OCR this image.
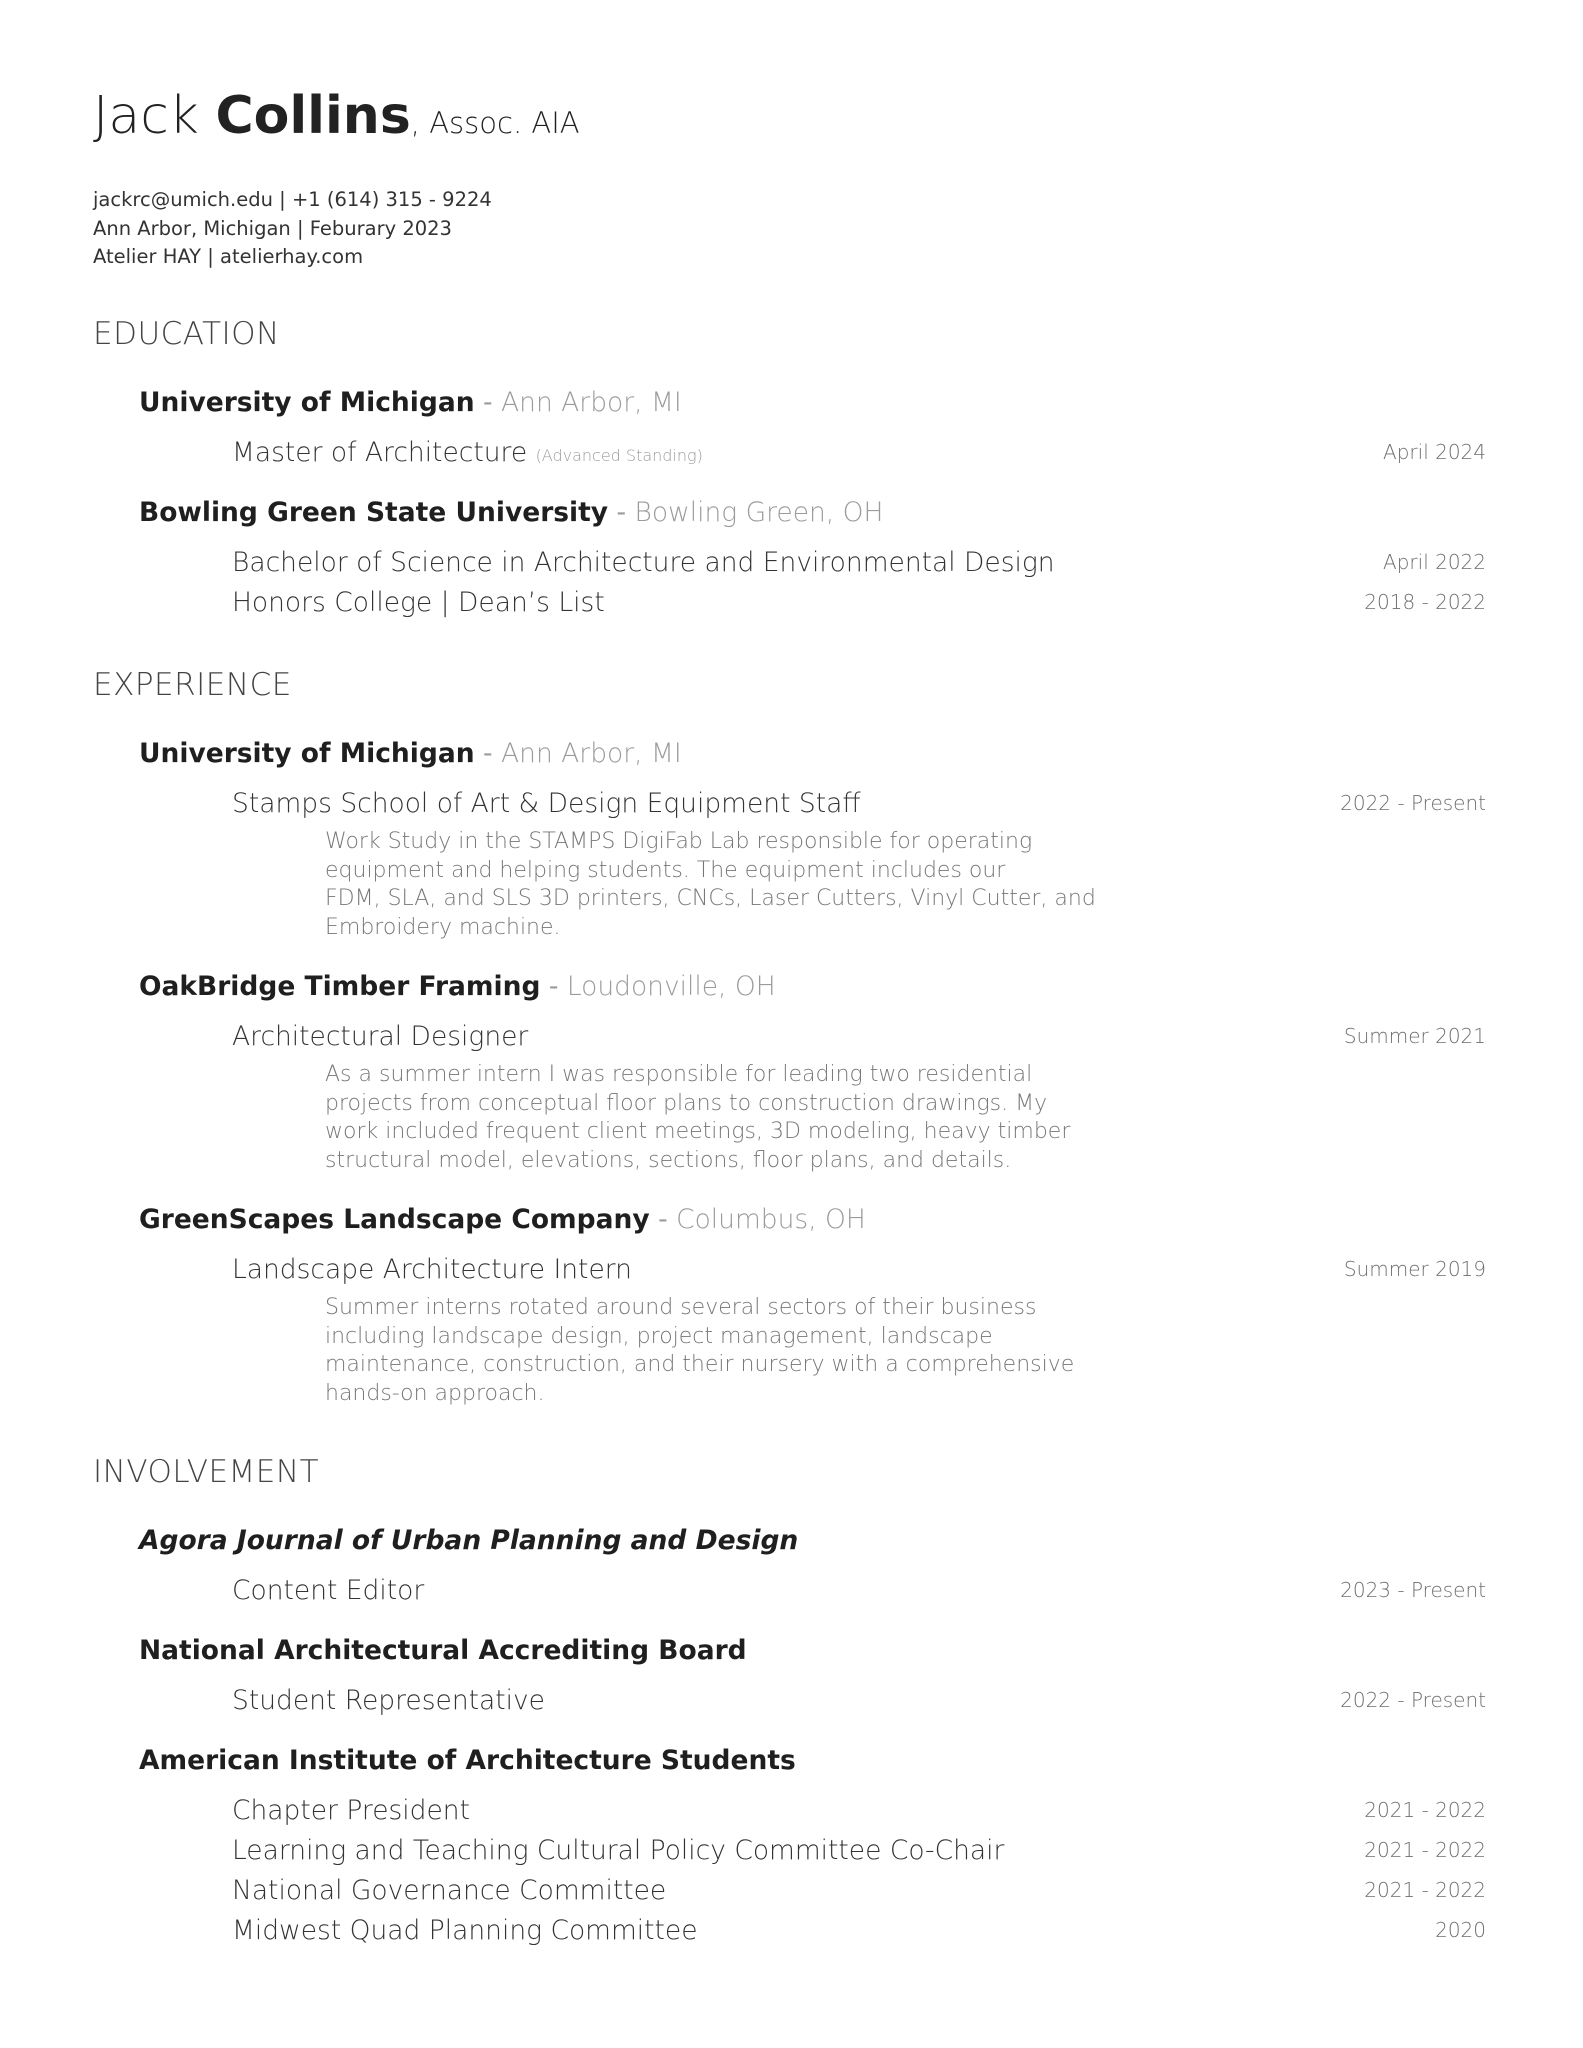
Jack Collins, Assoc. AIA
jackrc@umich.edu | +1 (614) 315 - 9224
Ann Arbor, Michigan | Feburary 2023
Atelier HAY | atelierhay.com
EDUCATION
University of Michigan - Ann Arbor, MI
Master of Architecture (Advanced Standing)	April 2024
Bowling Green State University - Bowling Green, OH
Bachelor of Science in Architecture and Environmental Design	April 2022
Honors College | Dean’s List	2018 - 2022
EXPERIENCE
University of Michigan - Ann Arbor, MI
Stamps School of Art & Design Equipment Staff	2022 - Present
Work Study in the STAMPS DigiFab Lab responsible for operating
equipment and helping students. The equipment includes our
FDM, SLA, and SLS 3D printers, CNCs, Laser Cutters, Vinyl Cutter, and
Embroidery machine.
OakBridge Timber Framing - Loudonville, OH
Architectural Designer	Summer 2021
As a summer intern I was responsible for leading two residential
projects from conceptual floor plans to construction drawings. My
work included frequent client meetings, 3D modeling, heavy timber
structural model, elevations, sections, floor plans, and details.
GreenScapes Landscape Company - Columbus, OH
Landscape Architecture Intern	Summer 2019
Summer interns rotated around several sectors of their business
including landscape design, project management, landscape
maintenance, construction, and their nursery with a comprehensive
hands-on approach.
INVOLVEMENT
Agora Journal of Urban Planning and Design
Content Editor	2023 - Present
National Architectural Accrediting Board
Student Representative	2022 - Present
American Institute of Architecture Students
Chapter President	2021 - 2022
Learning and Teaching Cultural Policy Committee Co-Chair	2021 - 2022
National Governance Committee	2021 - 2022
Midwest Quad Planning Committee	2020
